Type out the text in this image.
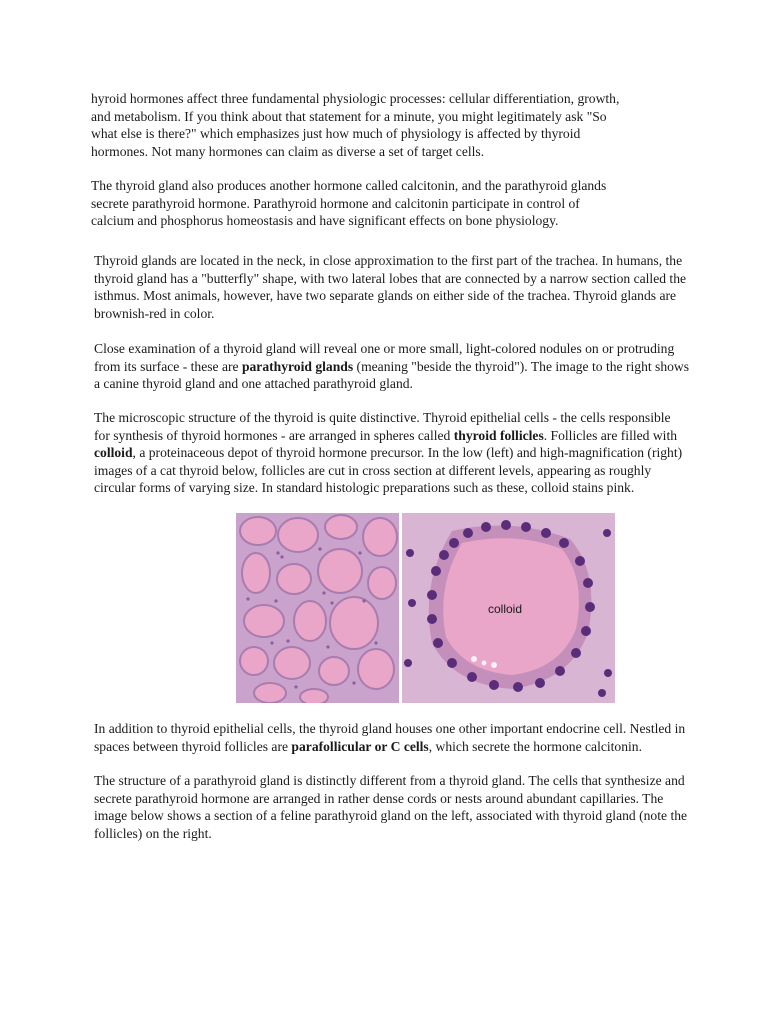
hyroid hormones affect three fundamental physiologic processes: cellular differentiation, growth,
and metabolism. If you think about that statement for a minute, you might legitimately ask "So
what else is there?" which emphasizes just how much of physiology is affected by thyroid
hormones. Not many hormones can claim as diverse a set of target cells.
The thyroid gland also produces another hormone called calcitonin, and the parathyroid glands
secrete parathyroid hormone. Parathyroid hormone and calcitonin participate in control of
calcium and phosphorus homeostasis and have significant effects on bone physiology.
Thyroid glands are located in the neck, in close approximation to the first part of the trachea. In humans, the
thyroid gland has a "butterfly" shape, with two lateral lobes that are connected by a narrow section called the
isthmus. Most animals, however, have two separate glands on either side of the trachea. Thyroid glands are
brownish-red in color.
Close examination of a thyroid gland will reveal one or more small, light-colored nodules on or protruding
from its surface - these are parathyroid glands (meaning "beside the thyroid"). The image to the right shows
a canine thyroid gland and one attached parathyroid gland.
The microscopic structure of the thyroid is quite distinctive. Thyroid epithelial cells - the cells responsible
for synthesis of thyroid hormones - are arranged in spheres called thyroid follicles. Follicles are filled with
colloid, a proteinaceous depot of thyroid hormone precursor. In the low (left) and high-magnification (right)
images of a cat thyroid below, follicles are cut in cross section at different levels, appearing as roughly
circular forms of varying size. In standard histologic preparations such as these, colloid stains pink.
colloid
In addition to thyroid epithelial cells, the thyroid gland houses one other important endocrine cell. Nestled in
spaces between thyroid follicles are parafollicular or C cells, which secrete the hormone calcitonin.
The structure of a parathyroid gland is distinctly different from a thyroid gland. The cells that synthesize and
secrete parathyroid hormone are arranged in rather dense cords or nests around abundant capillaries. The
image below shows a section of a feline parathyroid gland on the left, associated with thyroid gland (note the
follicles) on the right.
